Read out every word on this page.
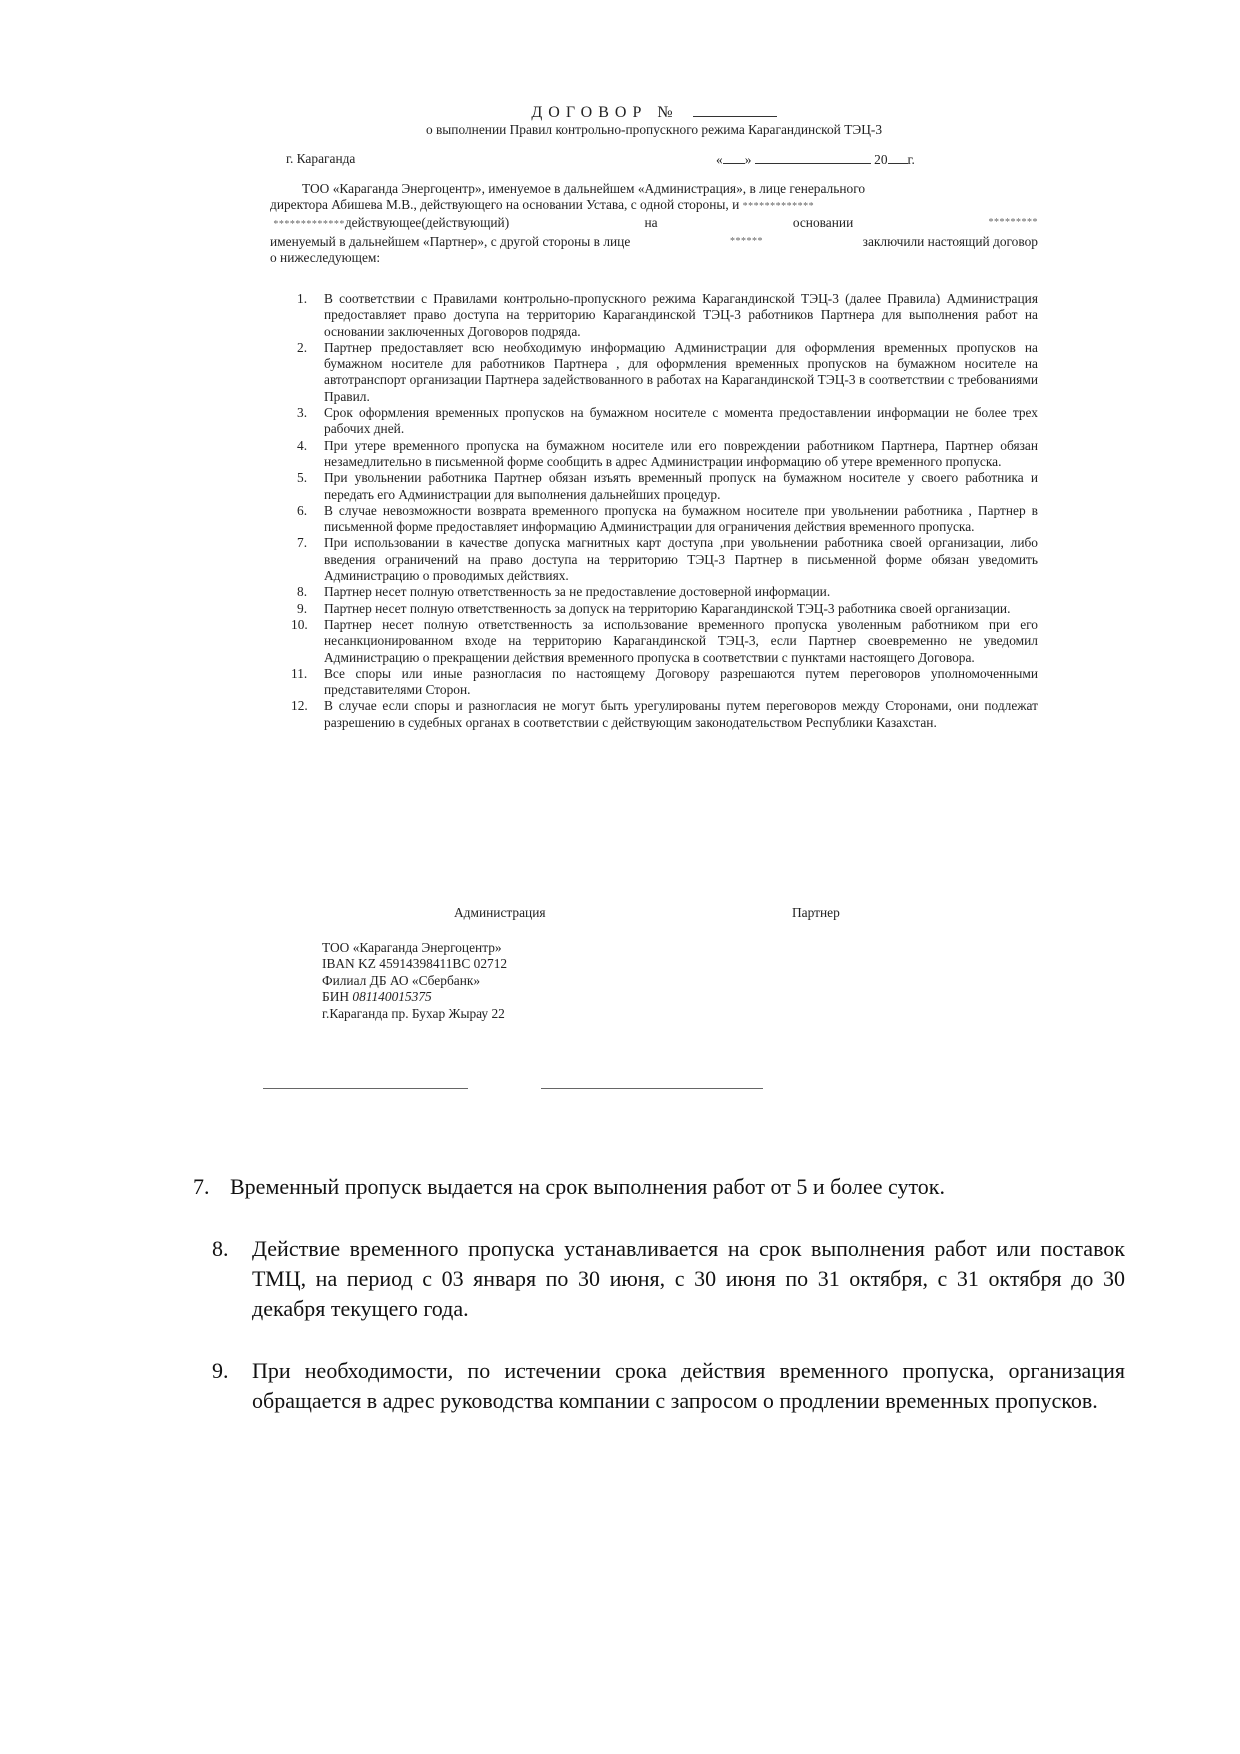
ДОГОВОР №
о выполнении Правил контрольно-пропускного режима Карагандинской ТЭЦ-3
г. Караганда	« »	20 г.

ТОО «Караганда Энергоцентр», именуемое в дальнейшем «Администрация», в лице генерального

директора Абишева М.В., действующего на основании Устава, с одной стороны, и *************

*************действующее(действующий)	на	основании	*********

именуемый в дальнейшем «Партнер», с другой стороны в лице	******	заключили настоящий договор

о нижеследующем:

1. В соответствии с Правилами контрольно-пропускного режима Карагандинской ТЭЦ-3 (далее Правила) Администрация предоставляет право доступа на территорию Карагандинской ТЭЦ-3 работников Партнера для выполнения работ на основании заключенных Договоров подряда.
2. Партнер предоставляет всю необходимую информацию Администрации для оформления временных пропусков на бумажном носителе для работников Партнера , для оформления временных пропусков на бумажном носителе на автотранспорт организации Партнера задействованного в работах на Карагандинской ТЭЦ-3 в соответствии с требованиями Правил.
3. Срок оформления временных пропусков на бумажном носителе с момента предоставлении информации не более трех рабочих дней.
4. При утере временного пропуска на бумажном носителе или его повреждении работником Партнера, Партнер обязан незамедлительно в письменной форме сообщить в адрес Администрации информацию об утере временного пропуска.
5. При увольнении работника Партнер обязан изъять временный пропуск на бумажном носителе у своего работника и передать его Администрации для выполнения дальнейших процедур.
6. В случае невозможности возврата временного пропуска на бумажном носителе при увольнении работника , Партнер в письменной форме предоставляет информацию Администрации для ограничения действия временного пропуска.
7. При использовании в качестве допуска магнитных карт доступа ,при увольнении работника своей организации, либо введения ограничений на право доступа на территорию ТЭЦ-3 Партнер в письменной форме обязан уведомить Администрацию о проводимых действиях.
8. Партнер несет полную ответственность за не предоставление достоверной информации.
9. Партнер несет полную ответственность за допуск на территорию Карагандинской ТЭЦ-3 работника своей организации.
10. Партнер несет полную ответственность за использование временного пропуска уволенным работником при его несанкционированном входе на территорию Карагандинской ТЭЦ-3, если Партнер своевременно не уведомил Администрацию о прекращении действия временного пропуска в соответствии с пунктами настоящего Договора.
11. Все споры или иные разногласия по настоящему Договору разрешаются путем переговоров уполномоченными представителями Сторон.
12. В случае если споры и разногласия не могут быть урегулированы путем переговоров между Сторонами, они подлежат разрешению в судебных органах в соответствии с действующим законодательством Республики Казахстан.
Администрация	Партнер
ТОО «Караганда Энергоцентр»
IBAN KZ 45914398411BC 02712
Филиал ДБ АО «Сбербанк»
БИН 081140015375
г.Караганда пр. Бухар Жырау 22
7. Временный пропуск выдается на срок выполнения работ от 5 и более суток.
8. Действие временного пропуска устанавливается на срок выполнения работ или поставок ТМЦ, на период с 03 января по 30 июня, с 30 июня по 31 октября, с 31 октября до 30 декабря текущего года.
9. При необходимости, по истечении срока действия временного пропуска, организация обращается в адрес руководства компании с запросом о продлении временных пропусков.
